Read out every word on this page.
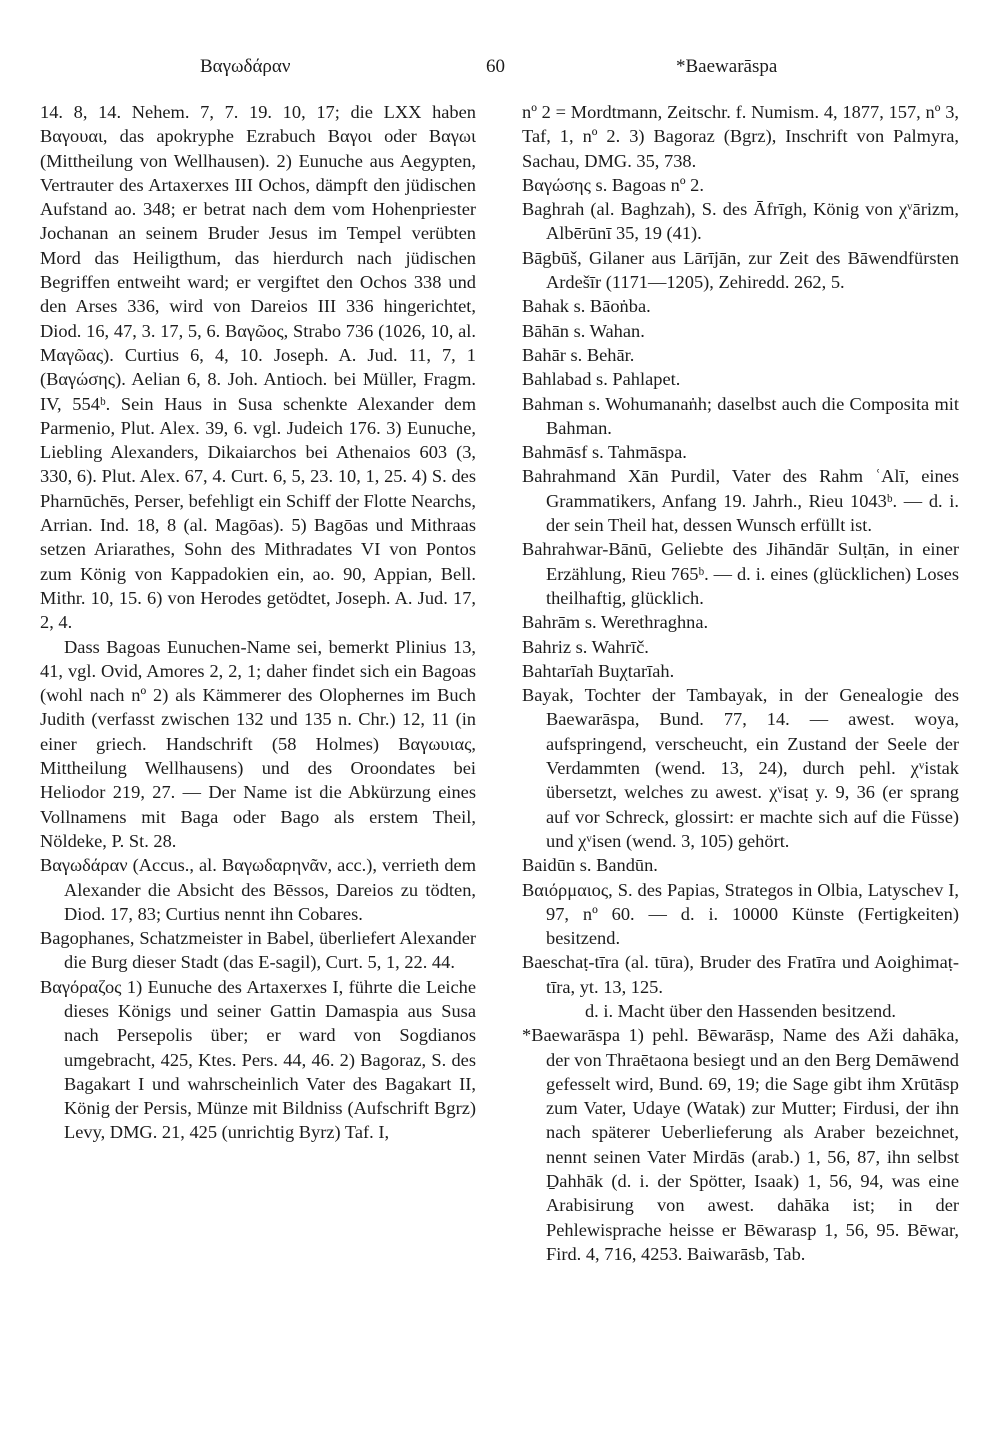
Βαγωδάραν	60	*Baewarāspa

14. 8, 14. Nehem. 7, 7. 19. 10, 17; die LXX haben Βαγουαι, das apokryphe Ezrabuch Βαγοι oder Βαγωι (Mittheilung von Wellhausen). 2) Eunuche aus Aegypten, Vertrauter des Artaxerxes III Ochos, dämpft den jüdischen Aufstand ao. 348; er betrat nach dem vom Hohenpriester Jochanan an seinem Bruder Jesus im Tempel verübten Mord das Heiligthum, das hierdurch nach jüdischen Begriffen entweiht ward; er vergiftet den Ochos 338 und den Arses 336, wird von Dareios III 336 hingerichtet, Diod. 16, 47, 3. 17, 5, 6. Βαγῶος, Strabo 736 (1026, 10, al. Μαγῶας). Curtius 6, 4, 10. Joseph. A. Jud. 11, 7, 1 (Βαγώσης). Aelian 6, 8. Joh. Antioch. bei Müller, Fragm. IV, 554ᵇ. Sein Haus in Susa schenkte Alexander dem Parmenio, Plut. Alex. 39, 6. vgl. Judeich 176. 3) Eunuche, Liebling Alexanders, Dikaiarchos bei Athenaios 603 (3, 330, 6). Plut. Alex. 67, 4. Curt. 6, 5, 23. 10, 1, 25. 4) S. des Pharnūchēs, Perser, befehligt ein Schiff der Flotte Nearchs, Arrian. Ind. 18, 8 (al. Magōas). 5) Bagōas und Mithraas setzen Ariarathes, Sohn des Mithradates VI von Pontos zum König von Kappadokien ein, ao. 90, Appian, Bell. Mithr. 10, 15. 6) von Herodes getödtet, Joseph. A. Jud. 17, 2, 4.

Dass Bagoas Eunuchen-Name sei, bemerkt Plinius 13, 41, vgl. Ovid, Amores 2, 2, 1; daher findet sich ein Bagoas (wohl nach nº 2) als Kämmerer des Olophernes im Buch Judith (verfasst zwischen 132 und 135 n. Chr.) 12, 11 (in einer griech. Handschrift (58 Holmes) Βαγωυιας, Mittheilung Wellhausens) und des Oroondates bei Heliodor 219, 27. — Der Name ist die Abkürzung eines Vollnamens mit Baga oder Bago als erstem Theil, Nöldeke, P. St. 28.

Βαγωδάραν (Accus., al. Βαγωδαρηνᾶν, acc.), verrieth dem Alexander die Absicht des Bēssos, Dareios zu tödten, Diod. 17, 83; Curtius nennt ihn Cobares.

Bagophanes, Schatzmeister in Babel, überliefert Alexander die Burg dieser Stadt (das E-sagil), Curt. 5, 1, 22. 44.

Βαγόραζος 1) Eunuche des Artaxerxes I, führte die Leiche dieses Königs und seiner Gattin Damaspia aus Susa nach Persepolis über; er ward von Sogdianos umgebracht, 425, Ktes. Pers. 44, 46. 2) Bagoraz, S. des Bagakart I und wahrscheinlich Vater des Bagakart II, König der Persis, Münze mit Bildniss (Aufschrift Bgrz) Levy, DMG. 21, 425 (unrichtig Byrz) Taf. I,

nº 2 = Mordtmann, Zeitschr. f. Numism. 4, 1877, 157, nº 3, Taf, 1, nº 2. 3) Bagoraz (Bgrz), Inschrift von Palmyra, Sachau, DMG. 35, 738.

Βαγώσης s. Bagoas nº 2.

Baghrah (al. Baghzah), S. des Āfrīgh, König von χᵛārizm, Albērūnī 35, 19 (41).

Bāgbūš, Gilaner aus Lārījān, zur Zeit des Bāwendfürsten Ardešīr (1171—1205), Zehiredd. 262, 5.

Bahak s. Bāoṅba.

Bāhān s. Wahan.

Bahār s. Behār.

Bahlabad s. Pahlapet.

Bahman s. Wohumanaṅh; daselbst auch die Composita mit Bahman.

Bahmāsf s. Tahmāspa.

Bahrahmand Xān Purdil, Vater des Rahm ʿAlī, eines Grammatikers, Anfang 19. Jahrh., Rieu 1043ᵇ. — d. i. der sein Theil hat, dessen Wunsch erfüllt ist.

Bahrahwar-Bānū, Geliebte des Jihāndār Sulṭān, in einer Erzählung, Rieu 765ᵇ. — d. i. eines (glücklichen) Loses theilhaftig, glücklich.

Bahrām s. Werethraghna.

Bahriz s. Wahrīč.

Bahtarīah Buχtarīah.

Bayak, Tochter der Tambayak, in der Genealogie des Baewarāspa, Bund. 77, 14. — awest. woya, aufspringend, verscheucht, ein Zustand der Seele der Verdammten (wend. 13, 24), durch pehl. χᵛistak übersetzt, welches zu awest. χᵛisaṭ y. 9, 36 (er sprang auf vor Schreck, glossirt: er machte sich auf die Füsse) und χᵛisen (wend. 3, 105) gehört.

Baidūn s. Bandūn.

Βαιόρμαιος, S. des Papias, Strategos in Olbia, Latyschev I, 97, nº 60. — d. i. 10000 Künste (Fertigkeiten) besitzend.

Baeschaṭ-tīra (al. tūra), Bruder des Fratīra und Aoighimaṭ-tīra, yt. 13, 125.

d. i. Macht über den Hassenden besitzend.

*Baewarāspa 1) pehl. Bēwarāsp, Name des Aži dahāka, der von Thraētaona besiegt und an den Berg Demāwend gefesselt wird, Bund. 69, 19; die Sage gibt ihm Xrūtāsp zum Vater, Udaye (Watak) zur Mutter; Firdusi, der ihn nach späterer Ueberlieferung als Araber bezeichnet, nennt seinen Vater Mirdās (arab.) 1, 56, 87, ihn selbst Ḏahhāk (d. i. der Spötter, Isaak) 1, 56, 94, was eine Arabisirung von awest. dahāka ist; in der Pehlewisprache heisse er Bēwarasp 1, 56, 95. Bēwar, Fird. 4, 716, 4253. Baiwarāsb, Tab.
